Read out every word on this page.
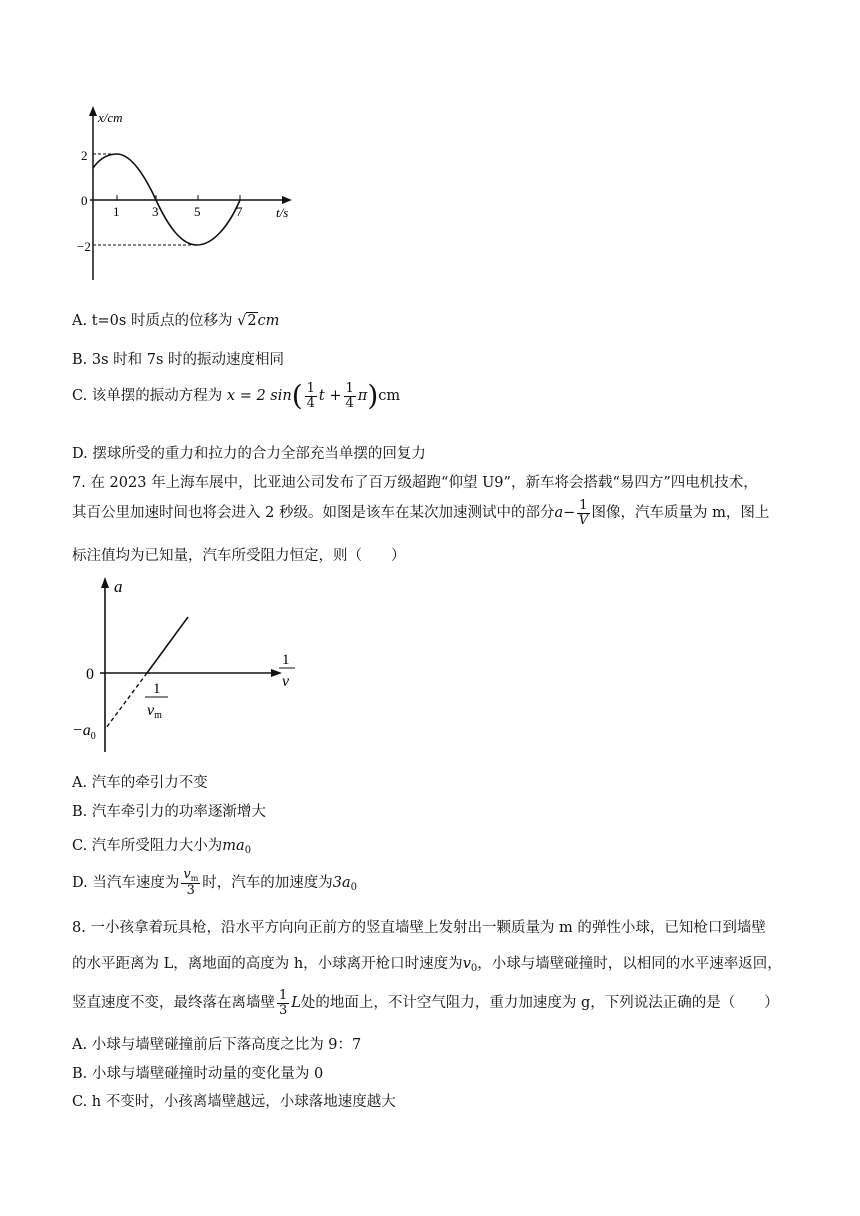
x/cm
2
0
−2
1	3	5	7	t/s
A. t=0s 时质点的位移为 √2cm
B. 3s 时和 7s 时的振动速度相同
C. 该单摆的振动方程为 x = 2 $\sin( \frac{1}{4}$ $t + \frac{1}{4} \pi)cm$
D. 摆球所受的重力和拉力的合力全部充当单摆的回复力
7. 在 2023 年上海车展中，比亚迪公司发布了百万级超跑“仰望 U9”，新车将会搭载“易四方”四电机技术，
其百公里加速时间也将会进入 2 秒级。如图是该车在某次加速测试中的部分$a- \frac{1}{V}$ 图像，汽车质量为 m，图上
标注值均为已知量，汽车所受阻力恒定，则（　　）
a
0
1
v
1
vm
$-a_0$
A. 汽车的牵引力不变
B. 汽车牵引力的功率逐渐增大
C. 汽车所受阻力大小为$ma_0$
D. 当汽车速度为 $\frac{v_m}{3}$ 时，汽车的加速度为$3a_0$
8. 一小孩拿着玩具枪，沿水平方向向正前方的竖直墙壁上发射出一颗质量为 m 的弹性小球，已知枪口到墙壁
的水平距离为 L，离地面的高度为 h，小球离开枪口时速度为$v_0$，小球与墙壁碰撞时，以相同的水平速率返回，
竖直速度不变，最终落在离墙壁 $\frac{1}{3}$ L处的地面上，不计空气阻力，重力加速度为 g，下列说法正确的是（　　）
A. 小球与墙壁碰撞前后下落高度之比为 9：7
B. 小球与墙壁碰撞时动量的变化量为 0
C. h 不变时，小孩离墙壁越远，小球落地速度越大
